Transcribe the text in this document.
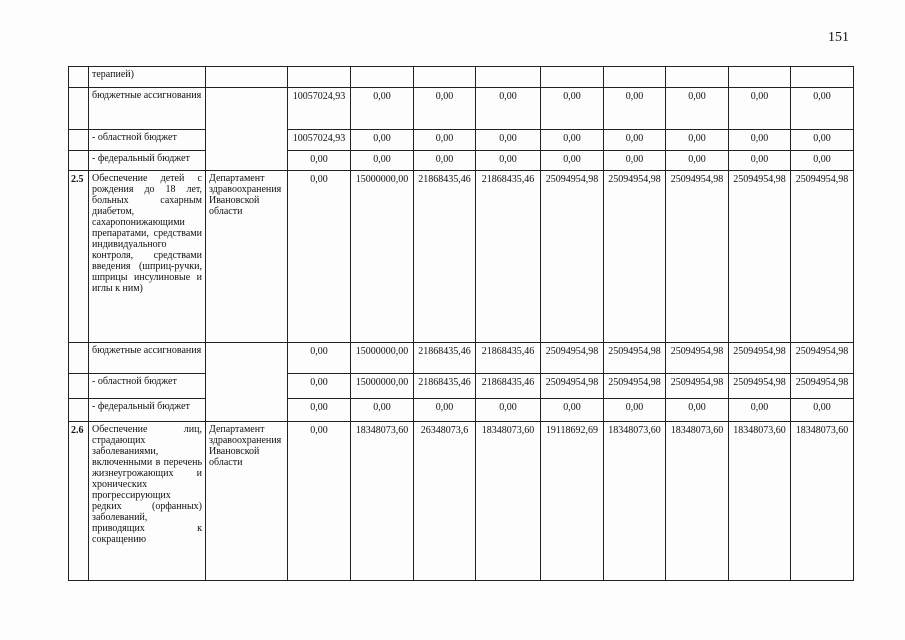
151
	терапией)										
	бюджетные ассигнования		10057024,93	0,00	0,00	0,00	0,00	0,00	0,00	0,00	0,00
	- областной бюджет		10057024,93	0,00	0,00	0,00	0,00	0,00	0,00	0,00	0,00
	- федеральный бюджет		0,00	0,00	0,00	0,00	0,00	0,00	0,00	0,00	0,00
2.5	Обеспечение детей с рождения до 18 лет, больных сахарным диабетом, сахаропонижающими препаратами, средствами индивидуального контроля, средствами введения (шприц-ручки, шприцы инсулиновые и иглы к ним)	Департамент здравоохранения Ивановской области	0,00	15000000,00	21868435,46	21868435,46	25094954,98	25094954,98	25094954,98	25094954,98	25094954,98
	бюджетные ассигнования		0,00	15000000,00	21868435,46	21868435,46	25094954,98	25094954,98	25094954,98	25094954,98	25094954,98
	- областной бюджет		0,00	15000000,00	21868435,46	21868435,46	25094954,98	25094954,98	25094954,98	25094954,98	25094954,98
	- федеральный бюджет		0,00	0,00	0,00	0,00	0,00	0,00	0,00	0,00	0,00
2.6	Обеспечение лиц, страдающих заболеваниями, включенными в перечень жизнеугрожающих и хронических прогрессирующих редких (орфанных) заболеваний, приводящих к сокращению	Департамент здравоохранения Ивановской области	0,00	18348073,60	26348073,6	18348073,60	19118692,69	18348073,60	18348073,60	18348073,60	18348073,60
